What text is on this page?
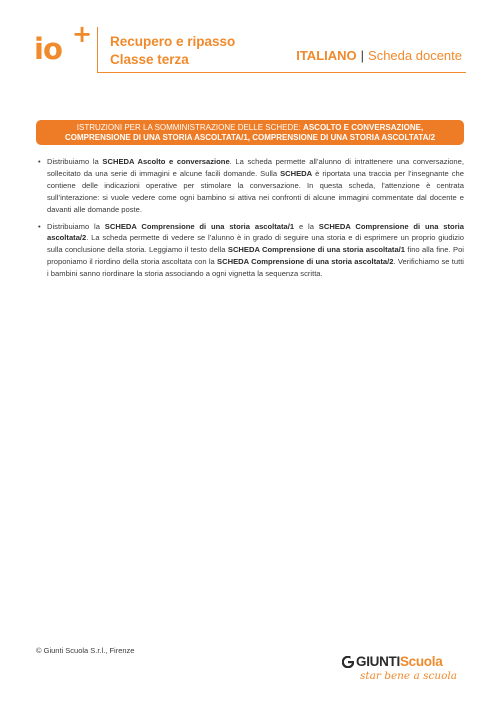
io + Recupero e ripasso
Classe terza	ITALIANO | Scheda docente
ISTRUZIONI PER LA SOMMINISTRAZIONE DELLE SCHEDE: ASCOLTO E CONVERSAZIONE,
COMPRENSIONE DI UNA STORIA ASCOLTATA/1, COMPRENSIONE DI UNA STORIA ASCOLTATA/2

• Distribuiamo la SCHEDA Ascolto e conversazione. La scheda permette all’alunno di intrattenere una conversazione, sollecitato da una serie di immagini e alcune facili domande. Sulla SCHEDA è riportata una traccia per l’insegnante che contiene delle indicazioni operative per stimolare la conversazione. In questa scheda, l’attenzione è centrata sull’interazione: si vuole vedere come ogni bambino si attiva nei confronti di alcune immagini commentate dal docente e davanti alle domande poste.

• Distribuiamo la SCHEDA Comprensione di una storia ascoltata/1 e la SCHEDA Comprensione di una storia ascoltata/2. La scheda permette di vedere se l’alunno è in grado di seguire una storia e di esprimere un proprio giudizio sulla conclusione della storia. Leggiamo il testo della SCHEDA Comprensione di una storia ascoltata/1 fino alla fine. Poi proponiamo il riordino della storia ascoltata con la SCHEDA Comprensione di una storia ascoltata/2. Verifichiamo se tutti i bambini sanno riordinare la storia associando a ogni vignetta la sequenza scritta.

© Giunti Scuola S.r.l., Firenze
GIUNTIScuola
star bene a scuola
